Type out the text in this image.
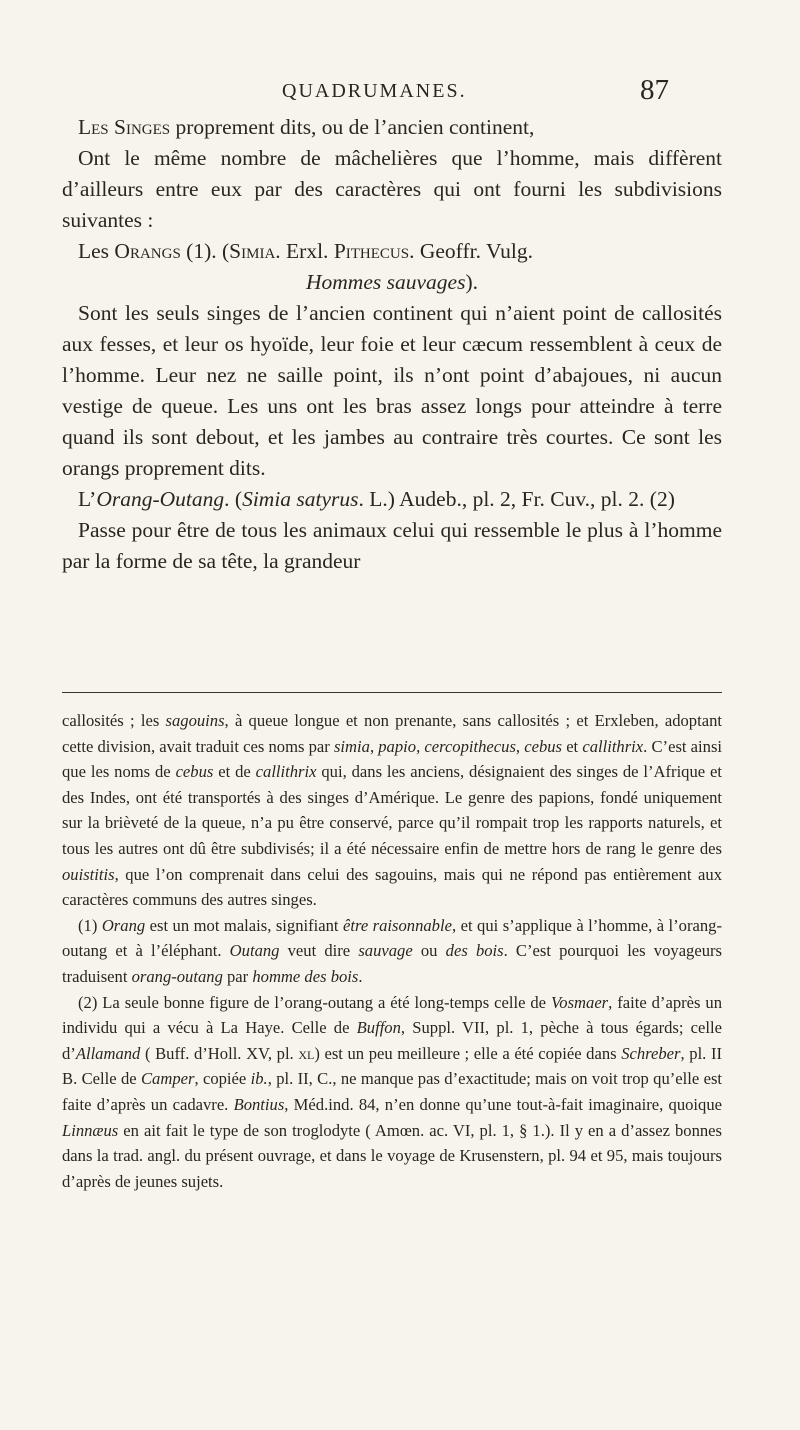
QUADRUMANES.	87

Les Singes proprement dits, ou de l’ancien continent,

Ont le même nombre de mâchelières que l’homme, mais diffèrent d’ailleurs entre eux par des caractères qui ont fourni les subdivisions suivantes :

Les Orangs (1). (Simia. Erxl. Pithecus. Geoffr. Vulg.

Hommes sauvages).

Sont les seuls singes de l’ancien continent qui n’aient point de callosités aux fesses, et leur os hyoïde, leur foie et leur cæcum ressemblent à ceux de l’homme. Leur nez ne saille point, ils n’ont point d’abajoues, ni aucun vestige de queue. Les uns ont les bras assez longs pour atteindre à terre quand ils sont debout, et les jambes au contraire très courtes. Ce sont les orangs proprement dits.

L’Orang-Outang. (Simia satyrus. L.) Audeb., pl. 2, Fr. Cuv., pl. 2. (2)

Passe pour être de tous les animaux celui qui ressemble le plus à l’homme par la forme de sa tête, la grandeur

callosités ; les sagouins, à queue longue et non prenante, sans callosités ; et Erxleben, adoptant cette division, avait traduit ces noms par simia, papio, cercopithecus, cebus et callithrix. C’est ainsi que les noms de cebus et de callithrix qui, dans les anciens, désignaient des singes de l’Afrique et des Indes, ont été transportés à des singes d’Amérique. Le genre des papions, fondé uniquement sur la brièveté de la queue, n’a pu être conservé, parce qu’il rompait trop les rapports naturels, et tous les autres ont dû être subdivisés; il a été nécessaire enfin de mettre hors de rang le genre des ouistitis, que l’on comprenait dans celui des sagouins, mais qui ne répond pas entièrement aux caractères communs des autres singes.

(1) Orang est un mot malais, signifiant être raisonnable, et qui s’applique à l’homme, à l’orang-outang et à l’éléphant. Outang veut dire sauvage ou des bois. C’est pourquoi les voyageurs traduisent orang-outang par homme des bois.

(2) La seule bonne figure de l’orang-outang a été long-temps celle de Vosmaer, faite d’après un individu qui a vécu à La Haye. Celle de Buffon, Suppl. VII, pl. 1, pèche à tous égards; celle d’Allamand ( Buff. d’Holl. XV, pl. xl) est un peu meilleure ; elle a été copiée dans Schreber, pl. II B. Celle de Camper, copiée ib., pl. II, C., ne manque pas d’exactitude; mais on voit trop qu’elle est faite d’après un cadavre. Bontius, Méd.ind. 84, n’en donne qu’une tout-à-fait imaginaire, quoique Linnæus en ait fait le type de son troglodyte ( Amœn. ac. VI, pl. 1, § 1.). Il y en a d’assez bonnes dans la trad. angl. du présent ouvrage, et dans le voyage de Krusenstern, pl. 94 et 95, mais toujours d’après de jeunes sujets.
